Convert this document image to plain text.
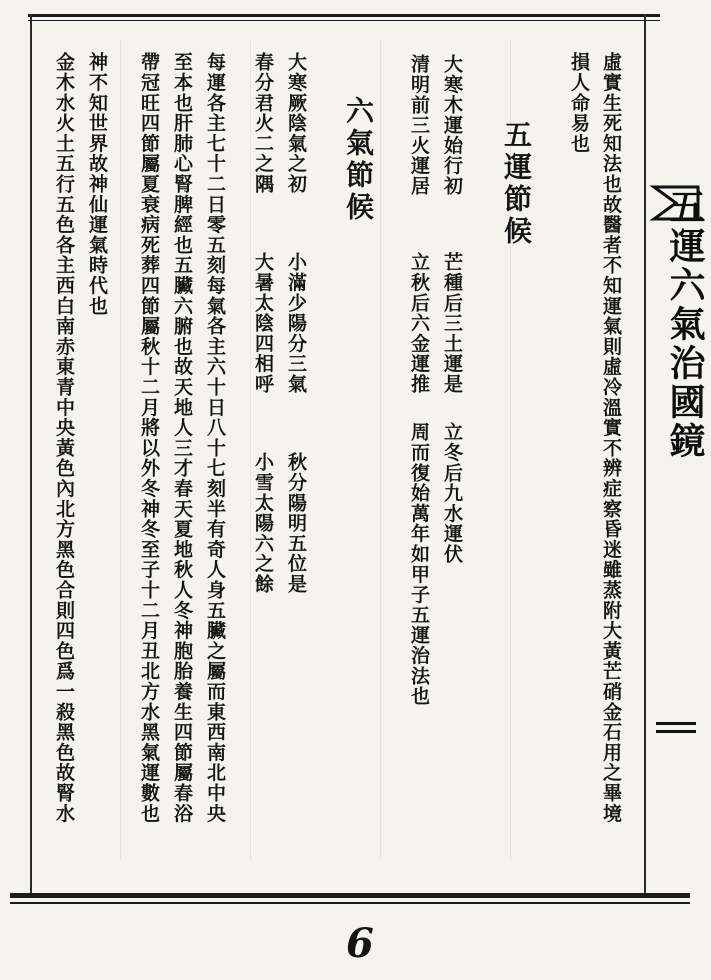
五運六氣治國鏡
虛實生死知法也故醫者不知運氣則虛冷溫實不辨症察昏迷雖蒸附大黃芒硝金石用之畢境
損人命易也
五運節候
大寒木運始行初
芒種后三土運是
立冬后九水運伏
清明前三火運居
立秋后六金運推
周而復始萬年如甲子五運治法也
六氣節候
大寒厥陰氣之初
小滿少陽分三氣
秋分陽明五位是
春分君火二之隅
大暑太陰四相呼
小雪太陽六之餘
每運各主七十二日零五刻每氣各主六十日八十七刻半有奇人身五臟之屬而東西南北中央
至本也肝肺心腎脾經也五臟六腑也故天地人三才春天夏地秋人冬神胞胎養生四節屬春浴
帶冠旺四節屬夏衰病死葬四節屬秋十二月將以外冬神冬至子十二月丑北方水黑氣運數也
神不知世界故神仙運氣時代也
金木水火土五行五色各主西白南赤東青中央黃色內北方黑色合則四色爲一殺黑色故腎水
6
